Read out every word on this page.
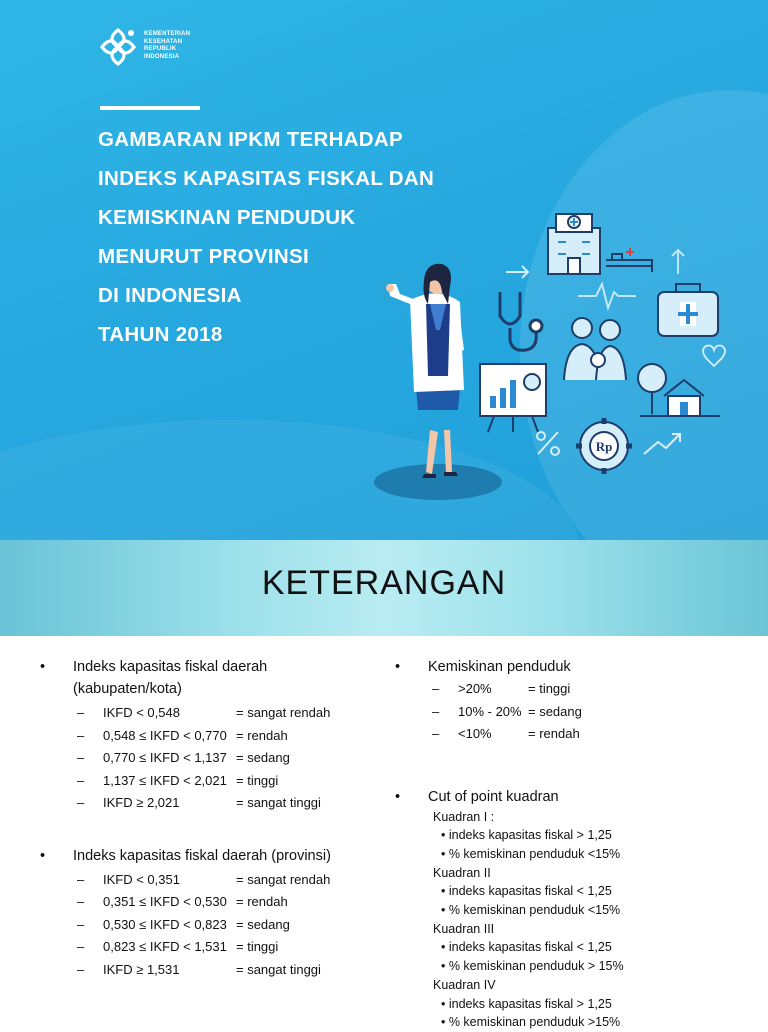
KEMENTERIAN
KESEHATAN
REPUBLIK
INDONESIA
GAMBARAN IPKM TERHADAP
INDEKS KAPASITAS FISKAL DAN
KEMISKINAN PENDUDUK
MENURUT PROVINSI
DI INDONESIA
TAHUN 2018
Rp
KETERANGAN
• Indeks kapasitas fiskal daerah
(kabupaten/kota)
– IKFD < 0,548	= sangat rendah
– 0,548 ≤ IKFD < 0,770 = rendah
– 0,770 ≤ IKFD < 1,137 = sedang
– 1,137 ≤ IKFD < 2,021 = tinggi
– IKFD ≥ 2,021	= sangat tinggi
• Indeks kapasitas fiskal daerah (provinsi)
– IKFD < 0,351	= sangat rendah
– 0,351 ≤ IKFD < 0,530 = rendah
– 0,530 ≤ IKFD < 0,823 = sedang
– 0,823 ≤ IKFD < 1,531 = tinggi
– IKFD ≥ 1,531	= sangat tinggi
• Kemiskinan penduduk
– >20%	= tinggi
– 10% - 20% = sedang
– <10%	= rendah
• Cut of point kuadran
Kuadran I :
• indeks kapasitas fiskal > 1,25
• % kemiskinan penduduk <15%
Kuadran II
• indeks kapasitas fiskal < 1,25
• % kemiskinan penduduk <15%
Kuadran III
• indeks kapasitas fiskal < 1,25
• % kemiskinan penduduk > 15%
Kuadran IV
• indeks kapasitas fiskal > 1,25
• % kemiskinan penduduk >15%
